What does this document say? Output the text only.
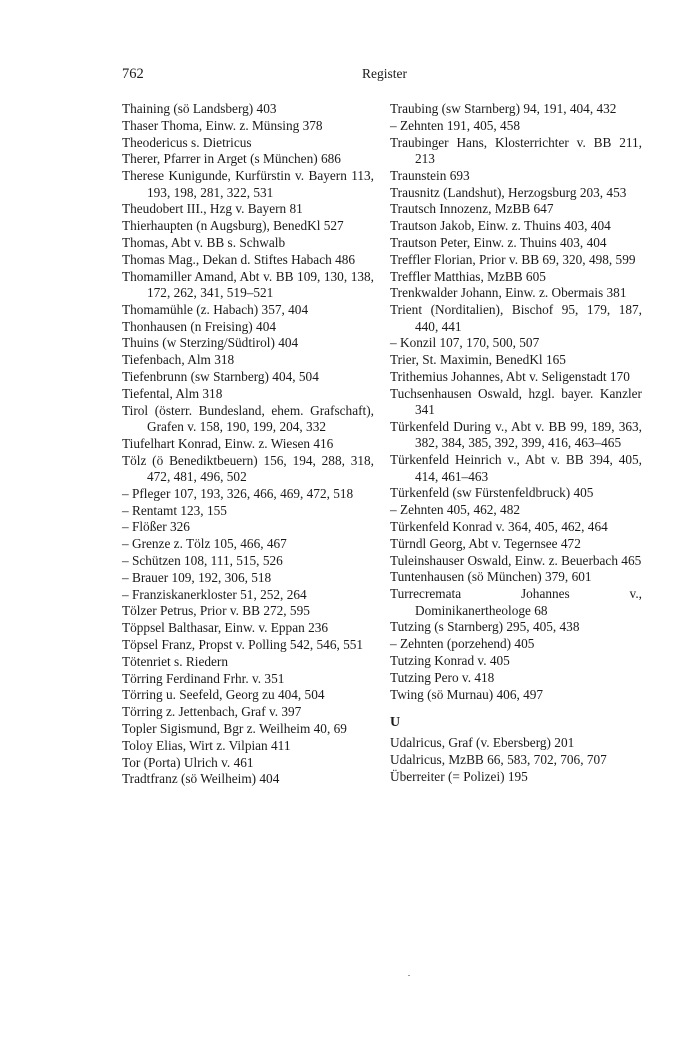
762	Register
Thaining (sö Landsberg) 403
Thaser Thoma, Einw. z. Münsing 378
Theodericus s. Dietricus
Therer, Pfarrer in Arget (s München) 686
Therese Kunigunde, Kurfürstin v. Bayern 113, 193, 198, 281, 322, 531
Theudobert III., Hzg v. Bayern 81
Thierhaupten (n Augsburg), BenedKl 527
Thomas, Abt v. BB s. Schwalb
Thomas Mag., Dekan d. Stiftes Habach 486
Thomamiller Amand, Abt v. BB 109, 130, 138, 172, 262, 341, 519–521
Thomamühle (z. Habach) 357, 404
Thonhausen (n Freising) 404
Thuins (w Sterzing/Südtirol) 404
Tiefenbach, Alm 318
Tiefenbrunn (sw Starnberg) 404, 504
Tiefental, Alm 318
Tirol (österr. Bundesland, ehem. Grafschaft), Grafen v. 158, 190, 199, 204, 332
Tiufelhart Konrad, Einw. z. Wiesen 416
Tölz (ö Benediktbeuern) 156, 194, 288, 318, 472, 481, 496, 502
– Pfleger 107, 193, 326, 466, 469, 472, 518
– Rentamt 123, 155
– Flößer 326
– Grenze z. Tölz 105, 466, 467
– Schützen 108, 111, 515, 526
– Brauer 109, 192, 306, 518
– Franziskanerkloster 51, 252, 264
Tölzer Petrus, Prior v. BB 272, 595
Töppsel Balthasar, Einw. v. Eppan 236
Töpsel Franz, Propst v. Polling 542, 546, 551
Tötenriet s. Riedern
Törring Ferdinand Frhr. v. 351
Törring u. Seefeld, Georg zu 404, 504
Törring z. Jettenbach, Graf v. 397
Topler Sigismund, Bgr z. Weilheim 40, 69
Toloy Elias, Wirt z. Vilpian 411
Tor (Porta) Ulrich v. 461
Tradtfranz (sö Weilheim) 404
Traubing (sw Starnberg) 94, 191, 404, 432
– Zehnten 191, 405, 458
Traubinger Hans, Klosterrichter v. BB 211, 213
Traunstein 693
Trausnitz (Landshut), Herzogsburg 203, 453
Trautsch Innozenz, MzBB 647
Trautson Jakob, Einw. z. Thuins 403, 404
Trautson Peter, Einw. z. Thuins 403, 404
Treffler Florian, Prior v. BB 69, 320, 498, 599
Treffler Matthias, MzBB 605
Trenkwalder Johann, Einw. z. Obermais 381
Trient (Norditalien), Bischof 95, 179, 187, 440, 441
– Konzil 107, 170, 500, 507
Trier, St. Maximin, BenedKl 165
Trithemius Johannes, Abt v. Seligenstadt 170
Tuchsenhausen Oswald, hzgl. bayer. Kanzler 341
Türkenfeld During v., Abt v. BB 99, 189, 363, 382, 384, 385, 392, 399, 416, 463–465
Türkenfeld Heinrich v., Abt v. BB 394, 405, 414, 461–463
Türkenfeld (sw Fürstenfeldbruck) 405
– Zehnten 405, 462, 482
Türkenfeld Konrad v. 364, 405, 462, 464
Türndl Georg, Abt v. Tegernsee 472
Tuleinshauser Oswald, Einw. z. Beuerbach 465
Tuntenhausen (sö München) 379, 601
Turrecremata Johannes v., Dominikanertheologe 68
Tutzing (s Starnberg) 295, 405, 438
– Zehnten (porzehend) 405
Tutzing Konrad v. 405
Tutzing Pero v. 418
Twing (sö Murnau) 406, 497
U
Udalricus, Graf (v. Ebersberg) 201
Udalricus, MzBB 66, 583, 702, 706, 707
Überreiter (= Polizei) 195
